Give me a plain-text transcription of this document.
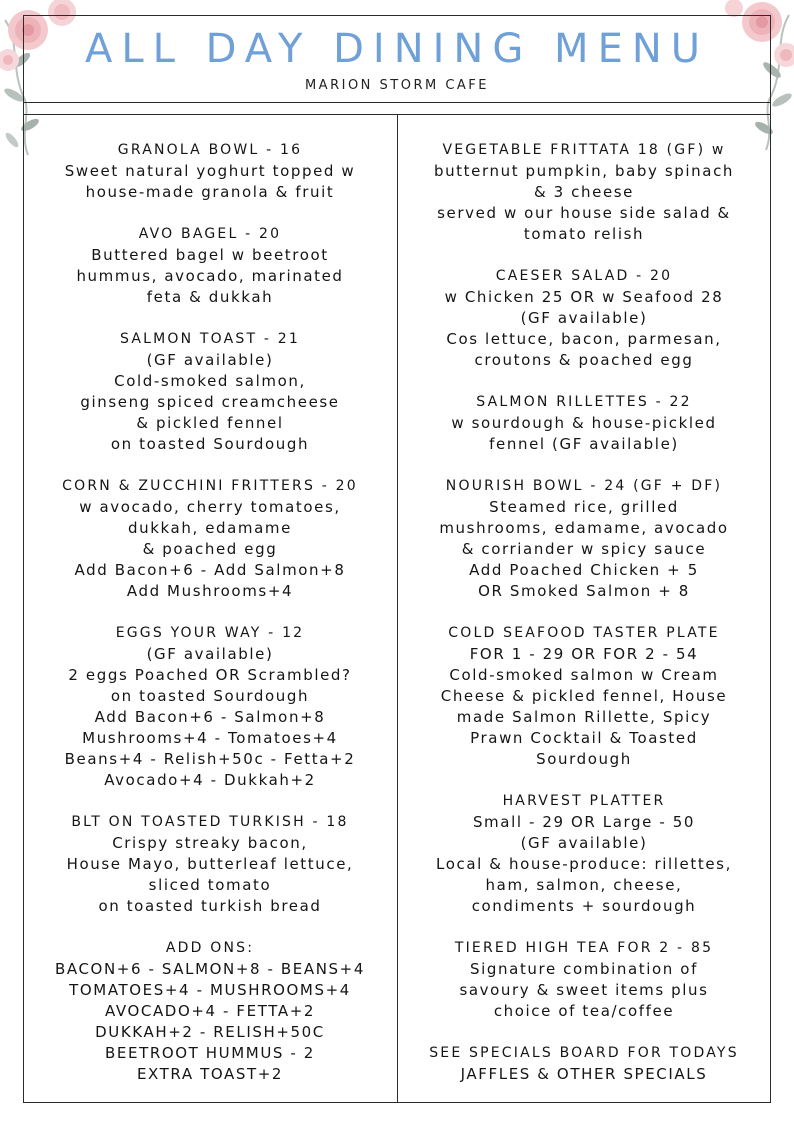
ALL DAY DINING MENU
MARION STORM CAFE
GRANOLA BOWL - 16
Sweet natural yoghurt topped w
house-made granola & fruit
AVO BAGEL - 20
Buttered bagel w beetroot
hummus, avocado, marinated
feta & dukkah
SALMON TOAST - 21
(GF available)
Cold-smoked salmon,
ginseng spiced creamcheese
& pickled fennel
on toasted Sourdough
CORN & ZUCCHINI FRITTERS - 20
w avocado, cherry tomatoes,
dukkah, edamame
& poached egg
Add Bacon+6 - Add Salmon+8
Add Mushrooms+4
EGGS YOUR WAY - 12
(GF available)
2 eggs Poached OR Scrambled?
on toasted Sourdough
Add Bacon+6 - Salmon+8
Mushrooms+4 - Tomatoes+4
Beans+4 - Relish+50c - Fetta+2
Avocado+4 - Dukkah+2
BLT ON TOASTED TURKISH - 18
Crispy streaky bacon,
House Mayo, butterleaf lettuce,
sliced tomato
on toasted turkish bread
ADD ONS:
BACON+6 - SALMON+8 - BEANS+4
TOMATOES+4 - MUSHROOMS+4
AVOCADO+4 - FETTA+2
DUKKAH+2 - RELISH+50C
BEETROOT HUMMUS - 2
EXTRA TOAST+2
VEGETABLE FRITTATA 18 (GF) w
butternut pumpkin, baby spinach
& 3 cheese
served w our house side salad &
tomato relish
CAESER SALAD - 20
w Chicken 25 OR w Seafood 28
(GF available)
Cos lettuce, bacon, parmesan,
croutons & poached egg
SALMON RILLETTES - 22
w sourdough & house-pickled
fennel (GF available)
NOURISH BOWL - 24 (GF + DF)
Steamed rice, grilled
mushrooms, edamame, avocado
& corriander w spicy sauce
Add Poached Chicken + 5
OR Smoked Salmon + 8
COLD SEAFOOD TASTER PLATE
FOR 1 - 29 OR FOR 2 - 54
Cold-smoked salmon w Cream
Cheese & pickled fennel, House
made Salmon Rillette, Spicy
Prawn Cocktail & Toasted
Sourdough
HARVEST PLATTER
Small - 29 OR Large - 50
(GF available)
Local & house-produce: rillettes,
ham, salmon, cheese,
condiments + sourdough
TIERED HIGH TEA FOR 2 - 85
Signature combination of
savoury & sweet items plus
choice of tea/coffee
SEE SPECIALS BOARD FOR TODAYS
JAFFLES & OTHER SPECIALS
